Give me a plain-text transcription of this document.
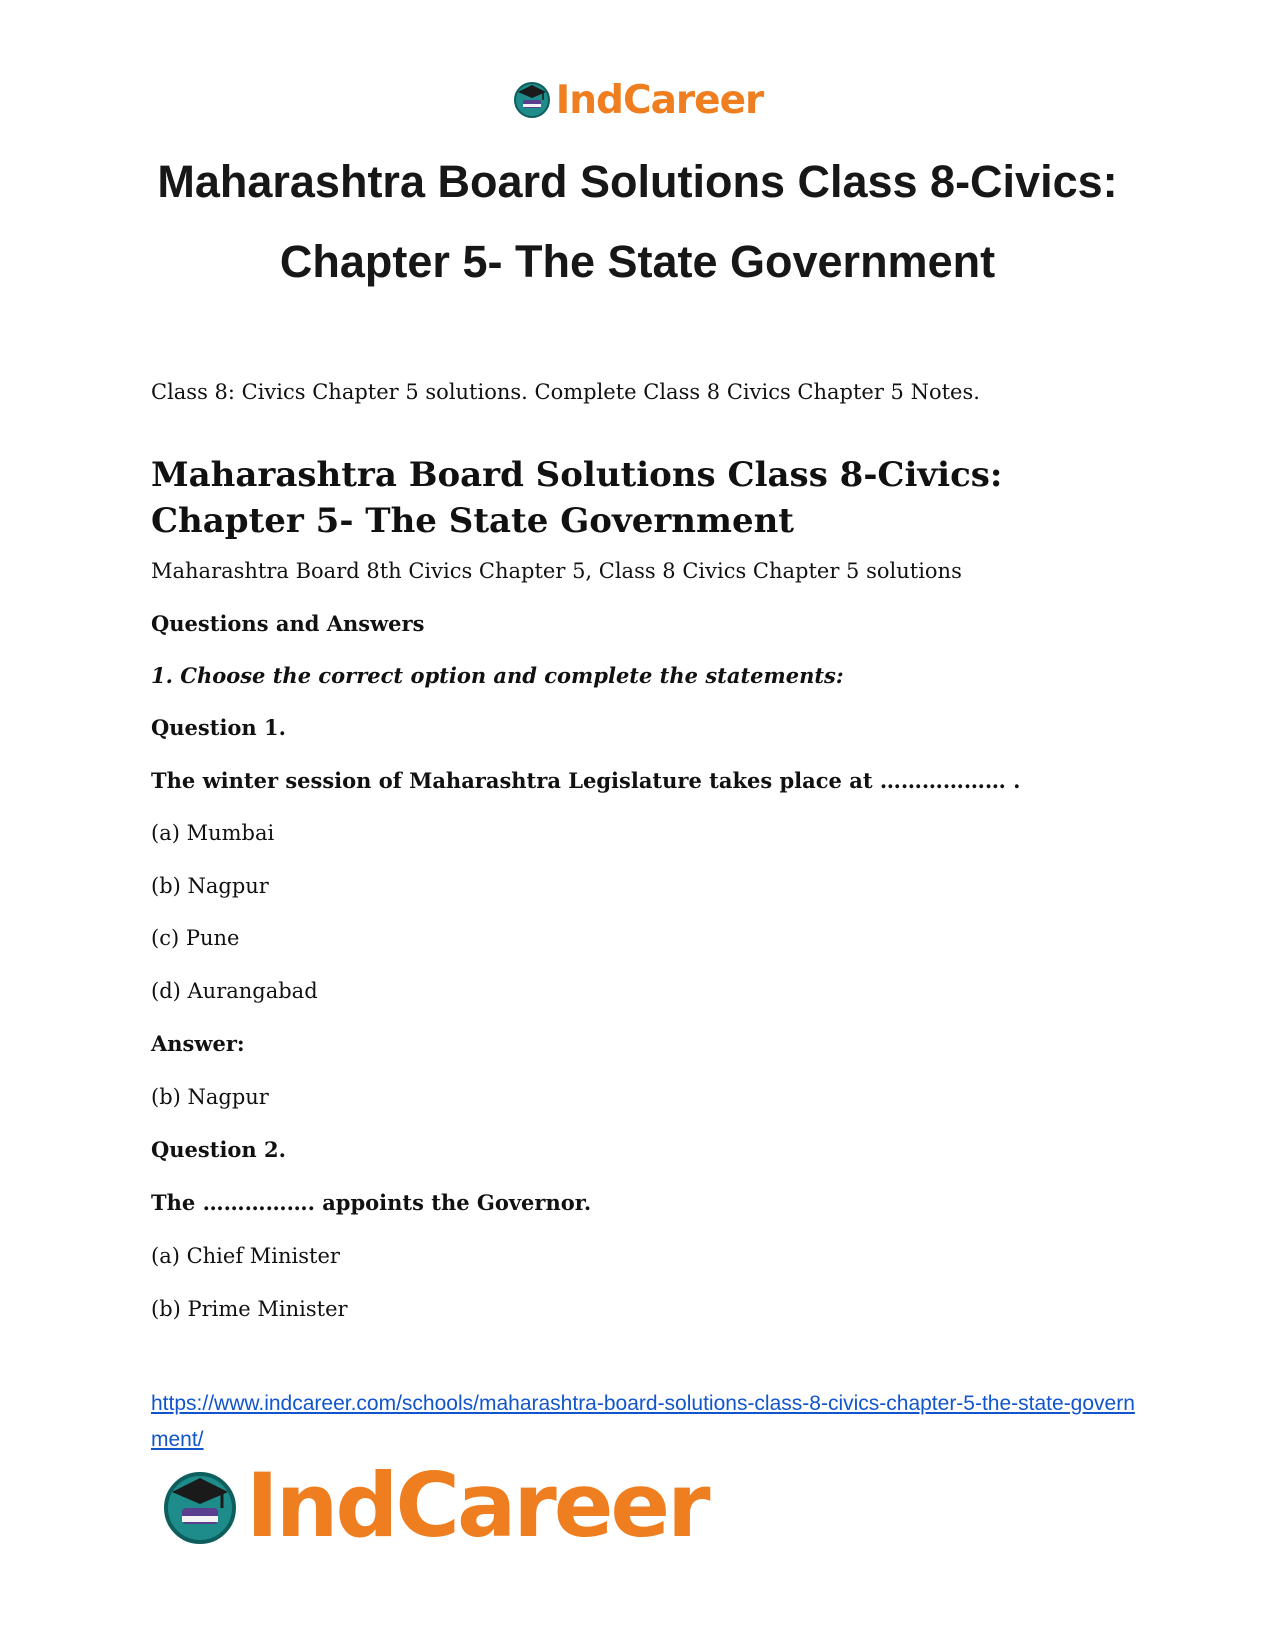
IndCareer
Maharashtra Board Solutions Class 8-Civics:
Chapter 5- The State Government

Class 8: Civics Chapter 5 solutions. Complete Class 8 Civics Chapter 5 Notes.

Maharashtra Board Solutions Class 8-Civics: Chapter 5- The State Government

Maharashtra Board 8th Civics Chapter 5, Class 8 Civics Chapter 5 solutions

Questions and Answers

1. Choose the correct option and complete the statements:

Question 1.

The winter session of Maharashtra Legislature takes place at ……………… .

(a) Mumbai

(b) Nagpur

(c) Pune

(d) Aurangabad

Answer:

(b) Nagpur

Question 2.

The ……………. appoints the Governor.

(a) Chief Minister

(b) Prime Minister

https://www.indcareer.com/schools/maharashtra-board-solutions-class-8-civics-chapter-5-the-state-government/
IndCareer
